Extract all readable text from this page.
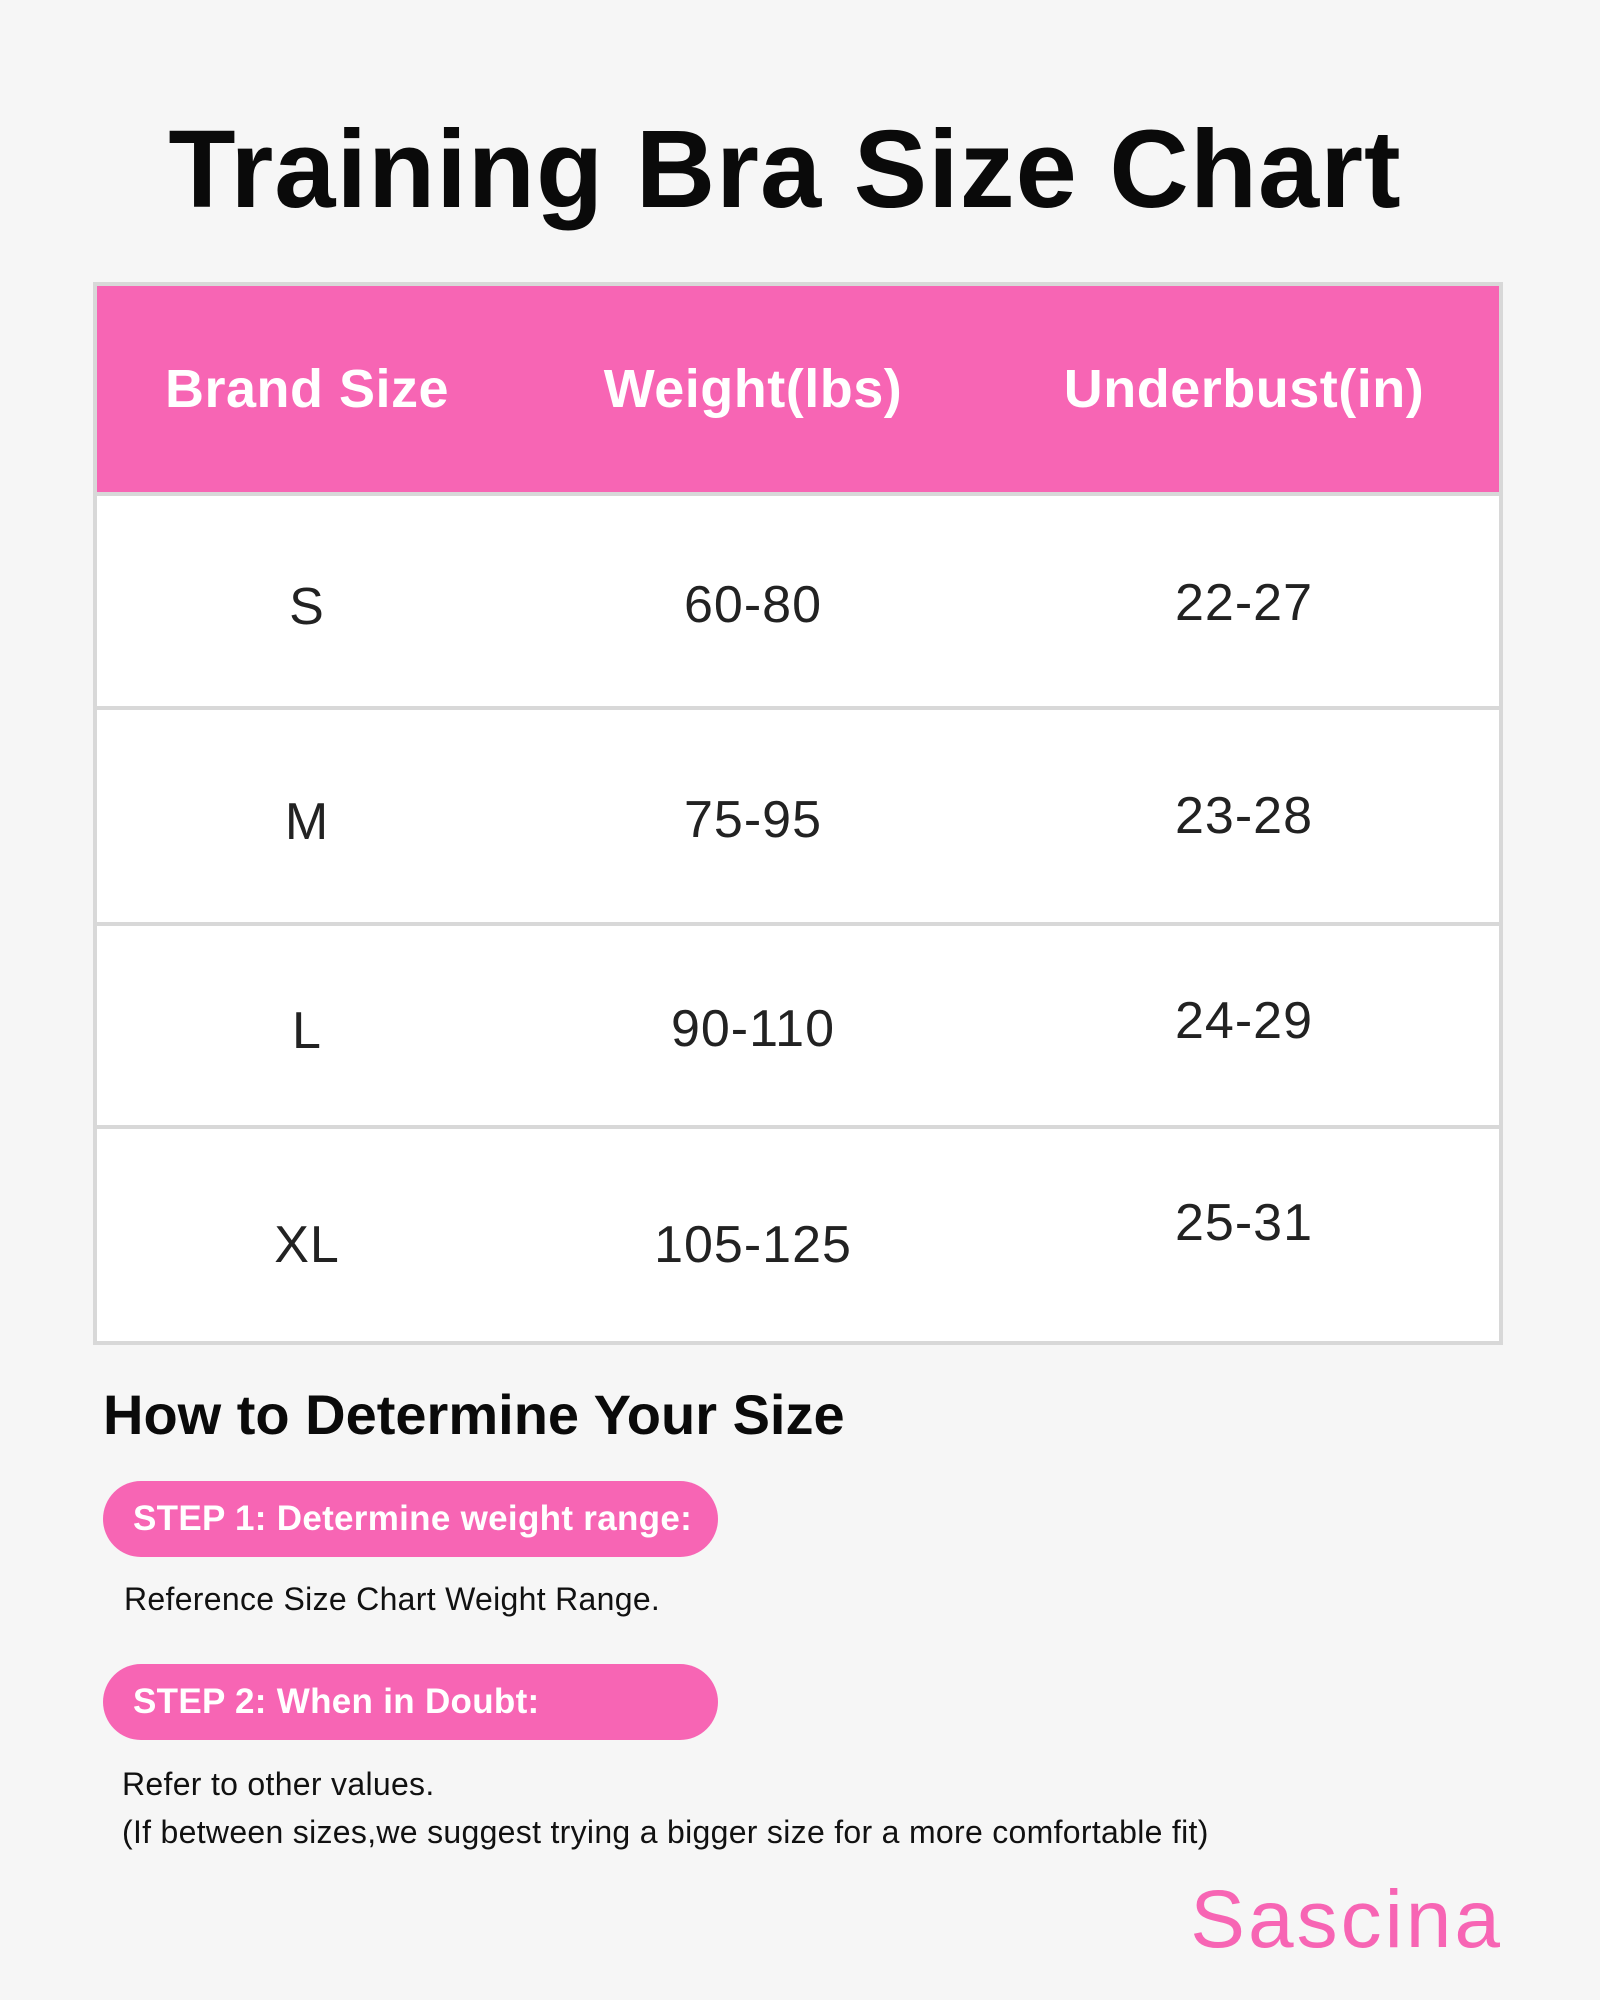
Training Bra Size Chart
Brand Size	Weight(lbs)	Underbust(in)
S	60-80	22-27
M	75-95	23-28
L	90-110	24-29
XL	105-125	25-31
How to Determine Your Size
STEP 1: Determine weight range:
Reference Size Chart Weight Range.
STEP 2: When in Doubt:
Refer to other values.
(If between sizes,we suggest trying a bigger size for a more comfortable fit)
Sascina
